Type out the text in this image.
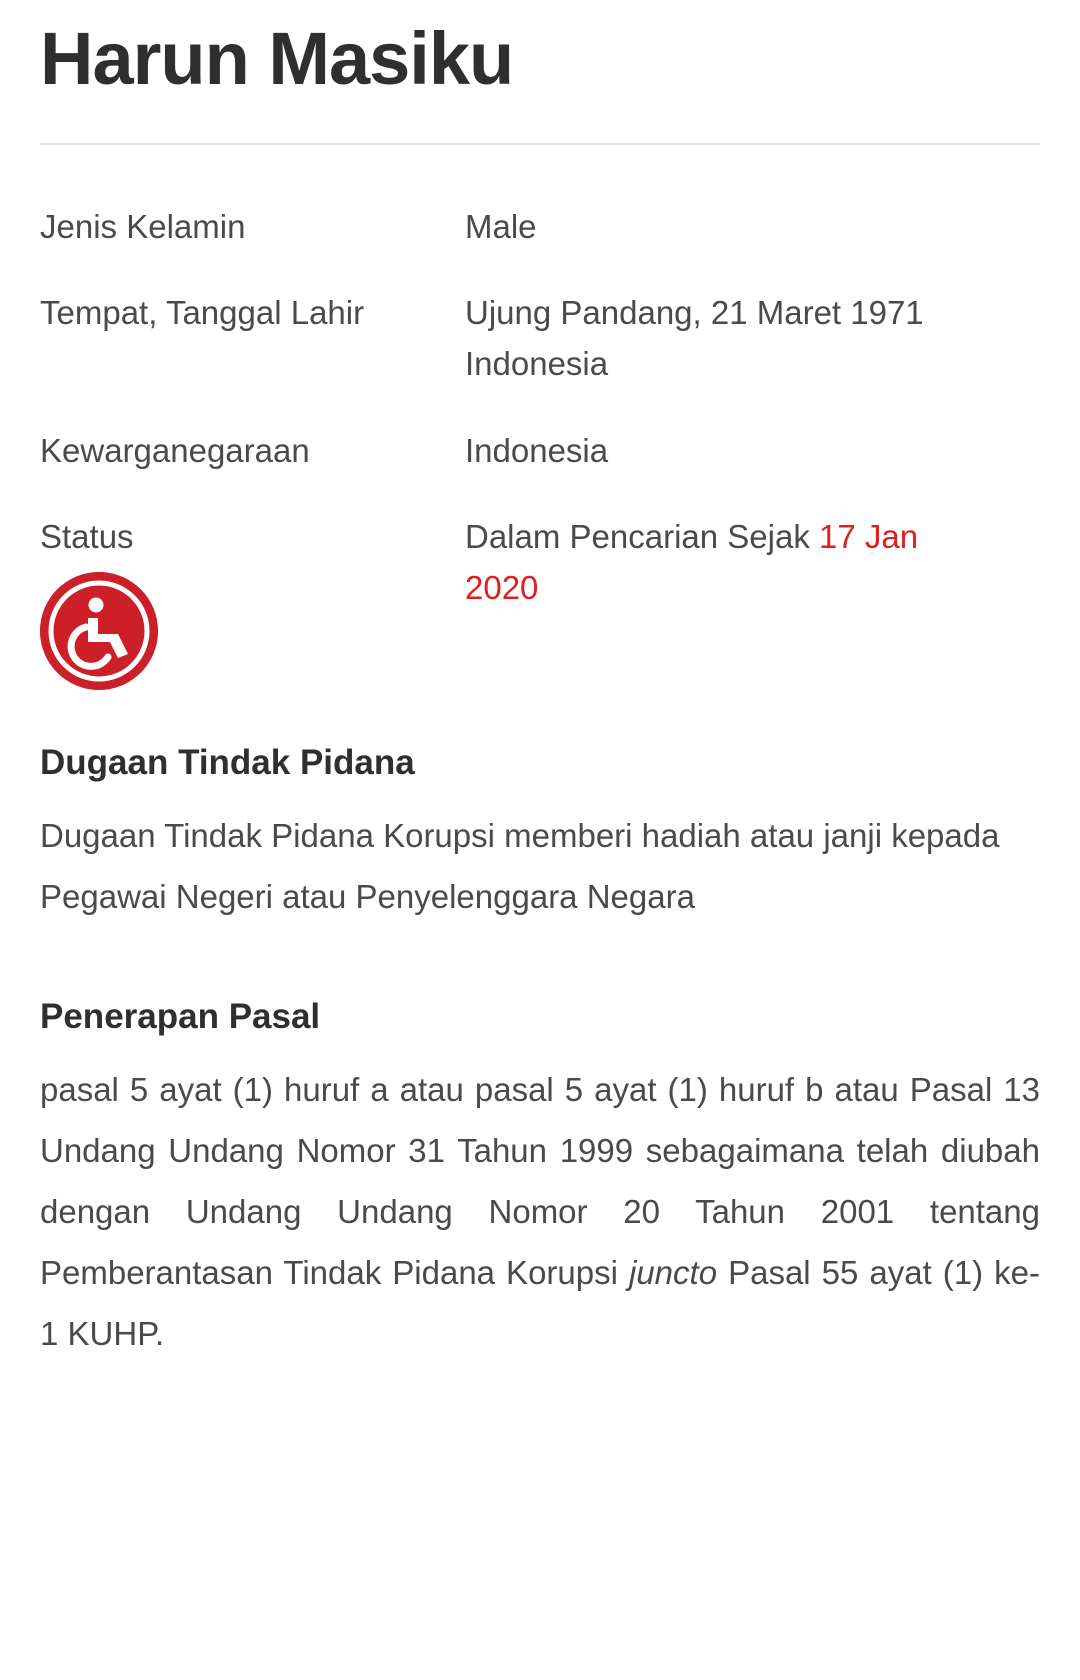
Harun Masiku
Jenis Kelamin	Male
Tempat, Tanggal Lahir	Ujung Pandang, 21 Maret 1971 Indonesia
Kewarganegaraan	Indonesia

Status	Dalam Pencarian Sejak 17 Jan 2020
Dugaan Tindak Pidana

Dugaan Tindak Pidana Korupsi memberi hadiah atau janji kepada Pegawai Negeri atau Penyelenggara Negara

Penerapan Pasal

pasal 5 ayat (1) huruf a atau pasal 5 ayat (1) huruf b atau Pasal 13 Undang Undang Nomor 31 Tahun 1999 sebagaimana telah diubah dengan Undang Undang Nomor 20 Tahun 2001 tentang Pemberantasan Tindak Pidana Korupsi juncto Pasal 55 ayat (1) ke-1 KUHP.
